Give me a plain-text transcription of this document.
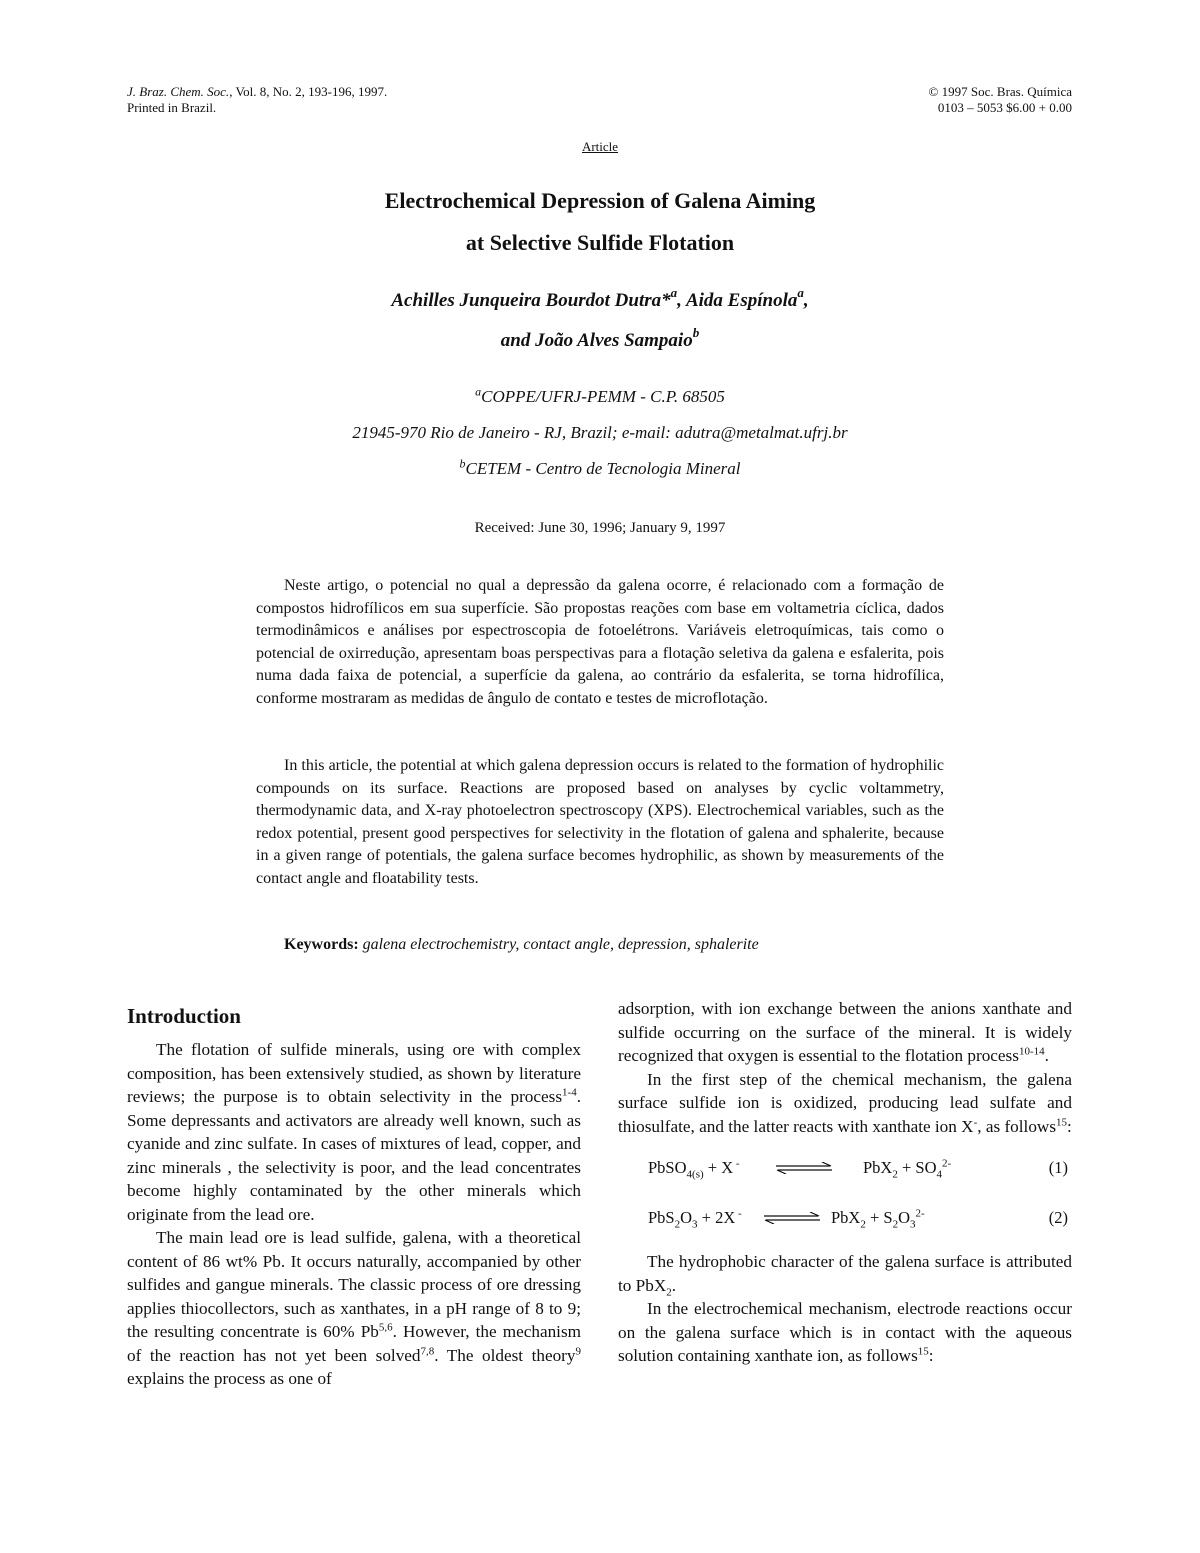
J. Braz. Chem. Soc., Vol. 8, No. 2, 193-196, 1997.
Printed in Brazil.
© 1997 Soc. Bras. Química
0103 – 5053 $6.00 + 0.00
Article
Electrochemical Depression of Galena Aiming
at Selective Sulfide Flotation
Achilles Junqueira Bourdot Dutra*$^a$, Aida Espínola$^a$,
and João Alves Sampaio$^b$
$^a$COPPE/UFRJ-PEMM - C.P. 68505
21945-970 Rio de Janeiro - RJ, Brazil; e-mail: adutra@metalmat.ufrj.br
$^b$CETEM - Centro de Tecnologia Mineral
Received: June 30, 1996; January 9, 1997

Neste artigo, o potencial no qual a depressão da galena ocorre, é relacionado com a formação de compostos hidrofílicos em sua superfície. São propostas reações com base em voltametria cíclica, dados termodinâmicos e análises por espectroscopia de fotoelétrons. Variáveis eletroquímicas, tais como o potencial de oxirredução, apresentam boas perspectivas para a flotação seletiva da galena e esfalerita, pois numa dada faixa de potencial, a superfície da galena, ao contrário da esfalerita, se torna hidrofílica, conforme mostraram as medidas de ângulo de contato e testes de microflotação.

In this article, the potential at which galena depression occurs is related to the formation of hydrophilic compounds on its surface. Reactions are proposed based on analyses by cyclic voltammetry, thermodynamic data, and X-ray photoelectron spectroscopy (XPS). Electrochemical variables, such as the redox potential, present good perspectives for selectivity in the flotation of galena and sphalerite, because in a given range of potentials, the galena surface becomes hydrophilic, as shown by measurements of the contact angle and floatability tests.

Keywords: galena electrochemistry, contact angle, depression, sphalerite
Introduction

The flotation of sulfide minerals, using ore with complex composition, has been extensively studied, as shown by literature reviews; the purpose is to obtain selectivity in the process$^{1-4}$. Some depressants and activators are already well known, such as cyanide and zinc sulfate. In cases of mixtures of lead, copper, and zinc minerals , the selectivity is poor, and the lead concentrates become highly contaminated by the other minerals which originate from the lead ore.

The main lead ore is lead sulfide, galena, with a theoretical content of 86 wt% Pb. It occurs naturally, accompanied by other sulfides and gangue minerals. The classic process of ore dressing applies thiocollectors, such as xanthates, in a pH range of 8 to 9; the resulting concentrate is 60% Pb$^{5,6}$. However, the mechanism of the reaction has not yet been solved$^{7,8}$. The oldest theory$^9$ explains the process as one of

adsorption, with ion exchange between the anions xanthate and sulfide occurring on the surface of the mineral. It is widely recognized that oxygen is essential to the flotation process$^{10-14}$.

In the first step of the chemical mechanism, the galena surface sulfide ion is oxidized, producing lead sulfate and thiosulfate, and the latter reacts with xanthate ion X-, as follows$^{15}$:

PbSO$_{4(s)}$ + X -	$PbX_2 + SO_4^{2-}$	(1)
$PbS_2O_3 + 2X$ - ⇌ $PbX_2 + S_2O_3^{2-}$	(2)

The hydrophobic character of the galena surface is attributed to PbX$_2$.

In the electrochemical mechanism, electrode reactions occur on the galena surface which is in contact with the aqueous solution containing xanthate ion, as follows$^{15}$:
